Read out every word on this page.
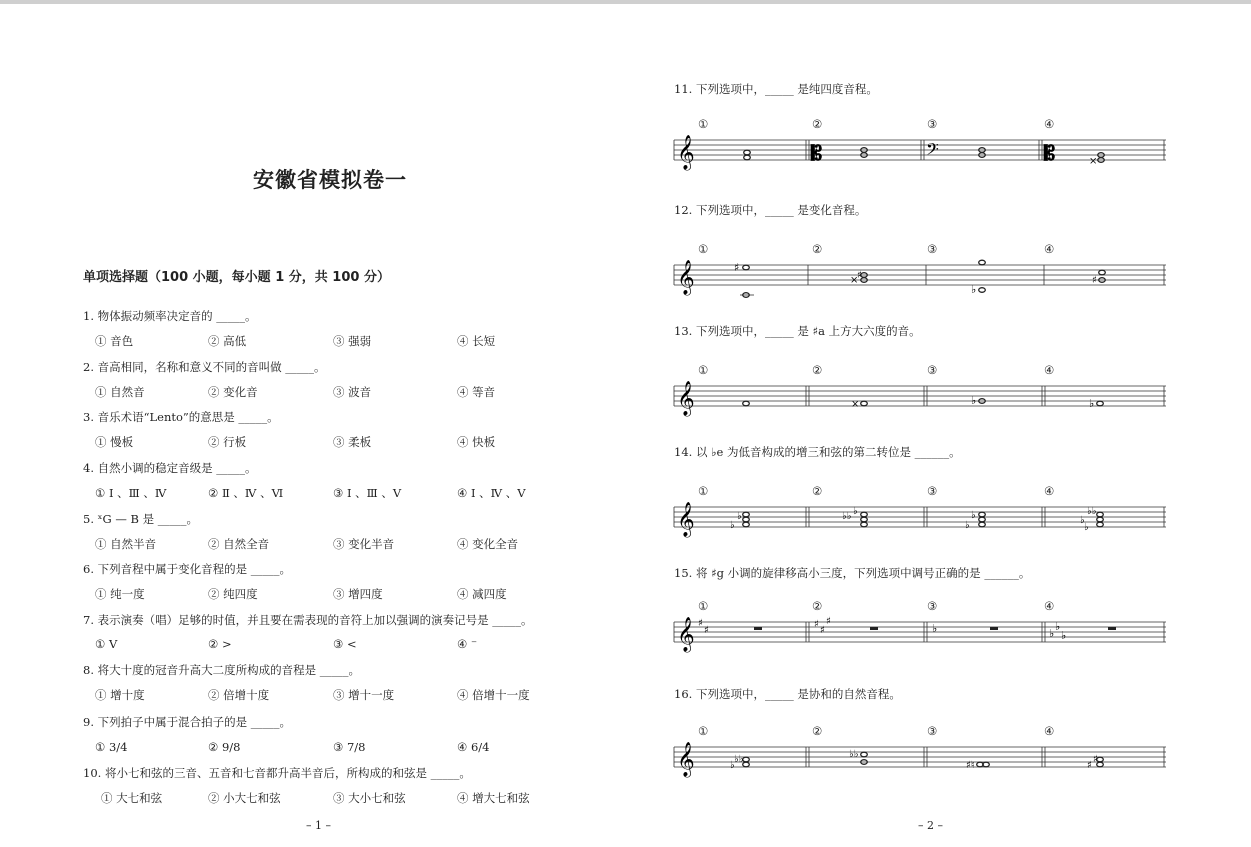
安徽省模拟卷一
单项选择题（100 小题，每小题 1 分，共 100 分）
1. 物体振动频率决定音的 _____。
① 音色	② 高低	③ 强弱	④ 长短
2. 音高相同，名称和意义不同的音叫做 _____。
① 自然音	② 变化音	③ 波音	④ 等音
3. 音乐术语“Lento”的意思是 _____。
① 慢板	② 行板	③ 柔板	④ 快板
4. 自然小调的稳定音级是 _____。
① Ⅰ 、Ⅲ 、Ⅳ	② Ⅱ 、Ⅳ 、Ⅵ	③ Ⅰ 、Ⅲ 、Ⅴ	④ Ⅰ 、Ⅳ 、Ⅴ
5. ˣG — B 是 _____。
① 自然半音	② 自然全音	③ 变化半音	④ 变化全音
6. 下列音程中属于变化音程的是 _____。
① 纯一度	② 纯四度	③ 增四度	④ 减四度
7. 表示演奏（唱）足够的时值，并且要在需表现的音符上加以强调的演奏记号是 _____。
① V	② >	③ <	④ ⁻
8. 将大十度的冠音升高大二度所构成的音程是 _____。
① 增十度	② 倍增十度	③ 增十一度	④ 倍增十一度
9. 下列拍子中属于混合拍子的是 _____。
① 3/4	② 9/8	③ 7/8	④ 6/4
10. 将小七和弦的三音、五音和七音都升高半音后，所构成的和弦是 _____。
① 大七和弦	② 小大七和弦	③ 大小七和弦	④ 增大七和弦
– 1 –
11. 下列选项中，_____ 是纯四度音程。
①	②	③	④
𝄞	𝄡	𝄢	𝄡	×
12. 下列选项中，_____ 是变化音程。
①	②	③	④
𝄞	♯
×
♯
♭
♯
13. 下列选项中，_____ 是 ♯a 上方大六度的音。
①	②	③	④
𝄞	×	♭	♭
14. 以 ♭e 为低音构成的增三和弦的第二转位是 ______。
①	②	③	④
𝄞	♭
♭
♭♭ ♭	♭
♭
♭♭
♭
♭
15. 将 ♯g 小调的旋律移高小三度，下列选项中调号正确的是 ______。
①	②	③	④
𝄞 ♯
♯
♯
♯
♯
♭	♭
♭
♭
16. 下列选项中，_____ 是协和的自然音程。
①	②	③	④
𝄞	♭
♭♭	♭♭
♯ ♮	♯
♯
– 2 –
